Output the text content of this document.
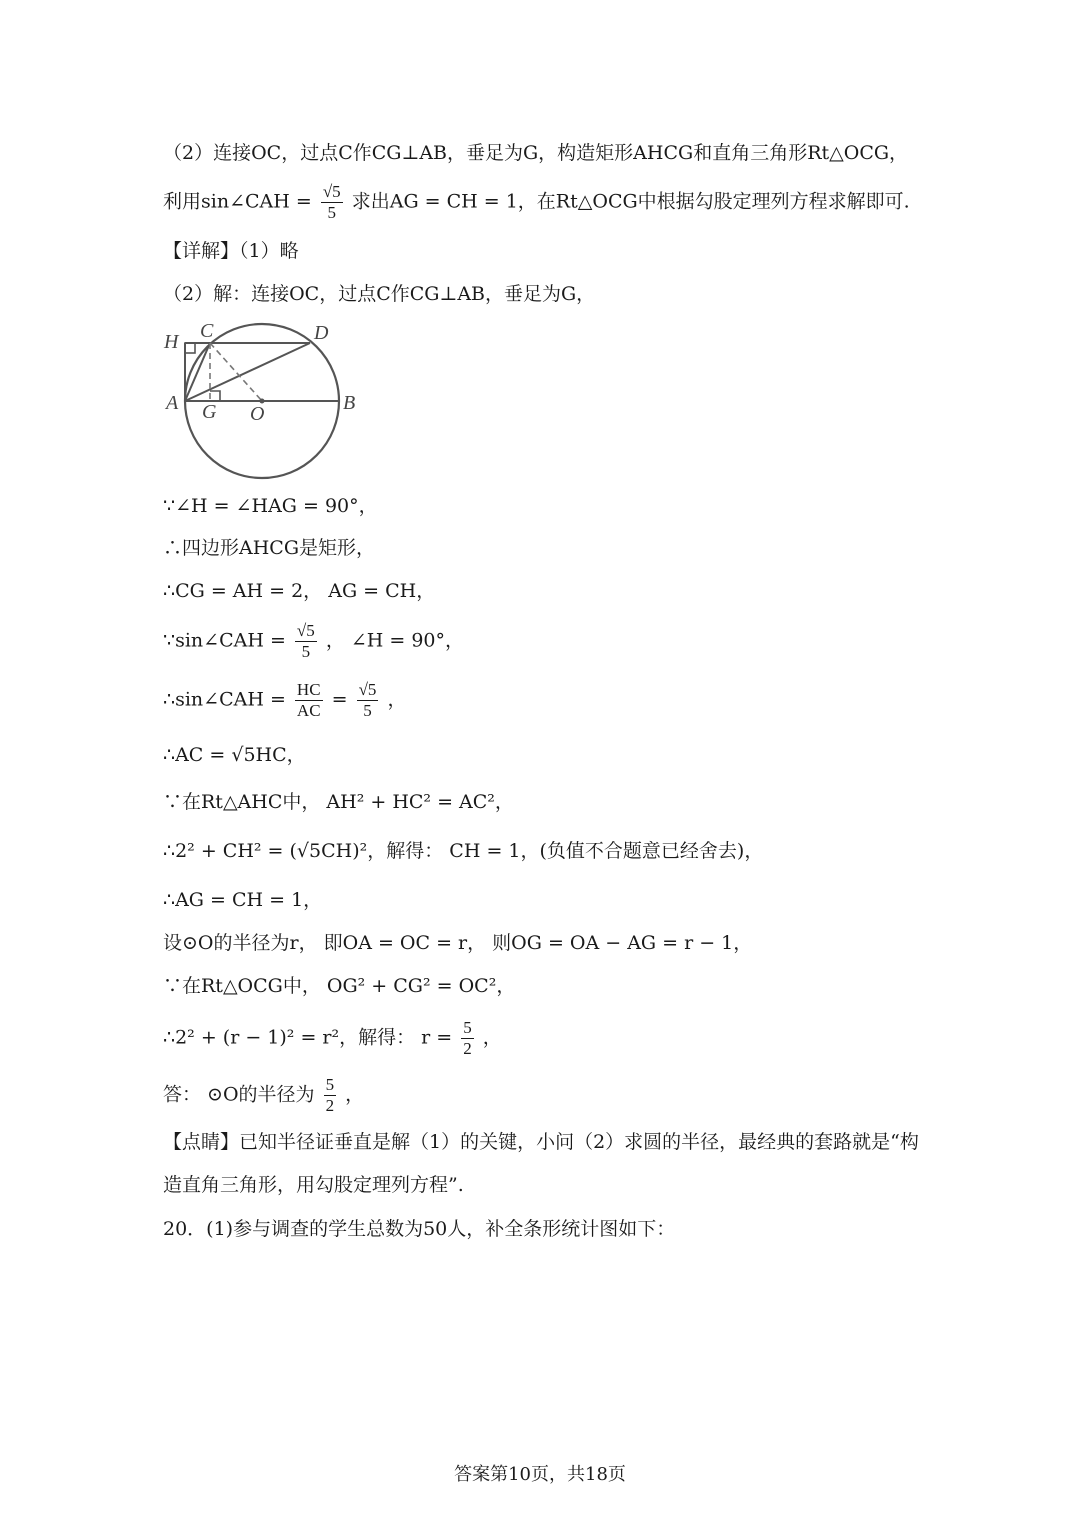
（2）连接OC，过点C作CG⊥AB，垂足为G，构造矩形AHCG和直角三角形Rt△OCG，
利用sin∠CAH = $\frac{√5}{5}$ 求出AG = CH = 1，在Rt△OCG中根据勾股定理列方程求解即可.
【详解】（1）略
（2）解：连接OC，过点C作CG⊥AB，垂足为G，
H C	D
A G O	B
∵∠H = ∠HAG = 90°，
∴四边形AHCG是矩形，
∴CG = AH = 2， AG = CH，
∵sin∠CAH = $\frac{√5}{5}$ ， ∠H = 90°，
∴sin∠CAH = $\frac{HC}{AC} = \frac{√5}{5}$ ，
∴AC = √5HC，
∵在Rt△AHC中， AH² + HC² = AC²，
∴2² + CH² = (√5CH)²，解得： CH = 1，(负值不合题意已经舍去)，
∴AG = CH = 1，
设⊙O的半径为r， 即OA = OC = r， 则OG = OA − AG = r − 1，
∵在Rt△OCG中， OG² + CG² = OC²，
∴2² + (r − 1)² = r²，解得： $r = \frac{5}{2}$ ，
答： ⊙O的半径为 $\frac{5}{2}$ ，
【点睛】已知半径证垂直是解（1）的关键，小问（2）求圆的半径，最经典的套路就是“构
造直角三角形，用勾股定理列方程”.
20．(1)参与调查的学生总数为50人，补全条形统计图如下：
答案第10页，共18页
